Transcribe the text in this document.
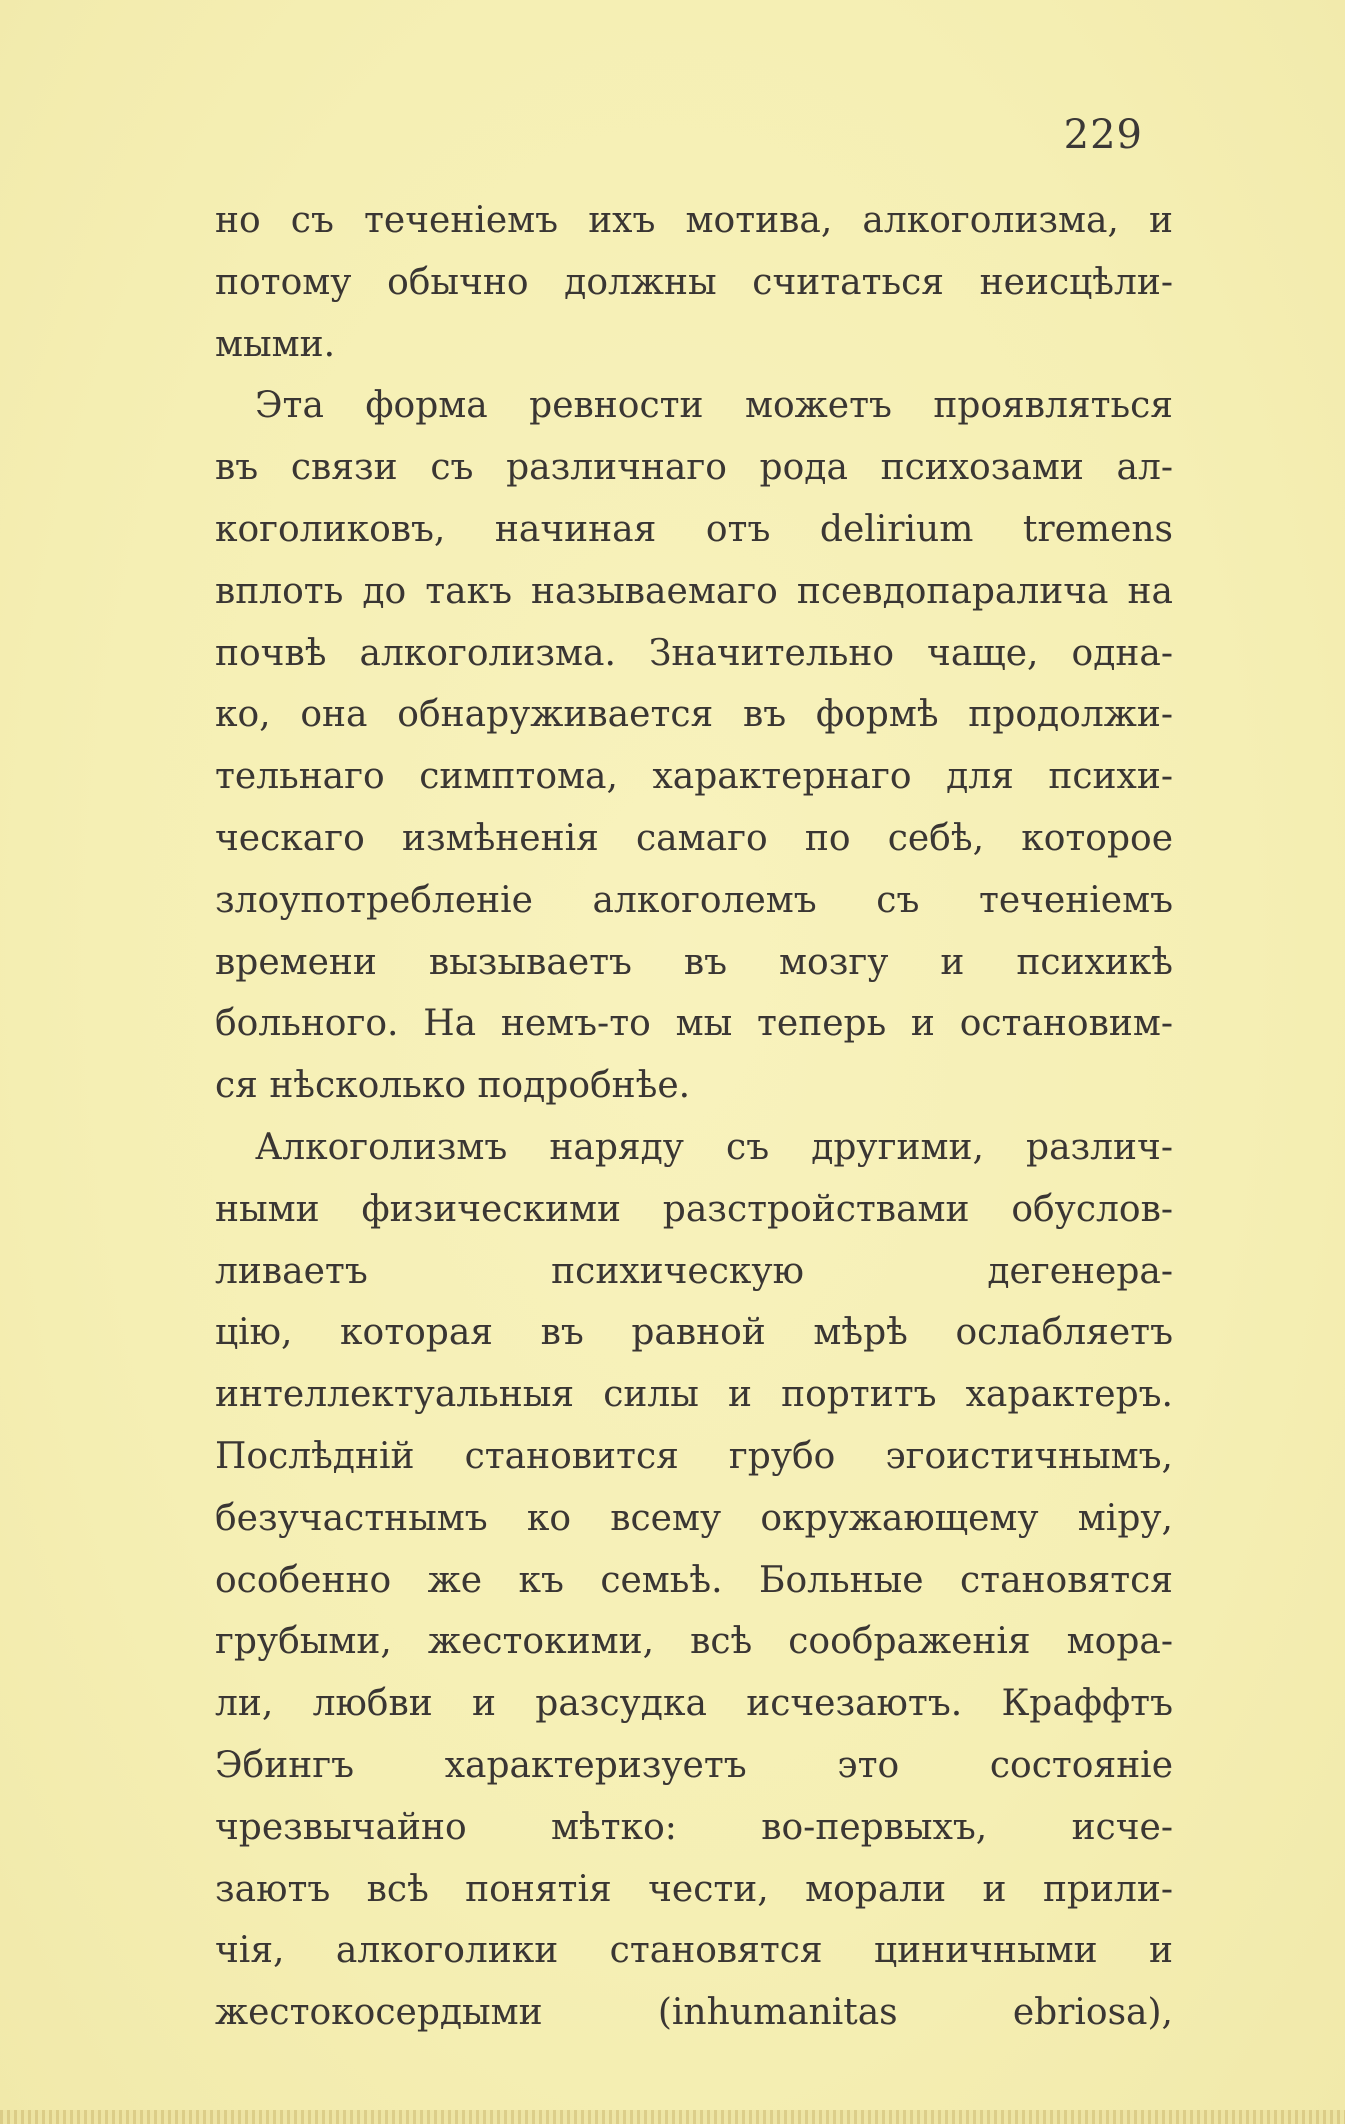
229
но съ теченіемъ ихъ мотива, алкоголизма, и
потому обычно должны считаться неисцѣли-
мыми.
Эта форма ревности можетъ проявляться
въ связи съ различнаго рода психозами ал-
коголиковъ, начиная отъ delirium tremens
вплоть до такъ называемаго псевдопаралича на
почвѣ алкоголизма. Значительно чаще, одна-
ко, она обнаруживается въ формѣ продолжи-
тельнаго симптома, характернаго для психи-
ческаго измѣненія самаго по себѣ, которое
злоупотребленіе алкоголемъ съ теченіемъ
времени вызываетъ въ мозгу и психикѣ
больного. На немъ-то мы теперь и остановим-
ся нѣсколько подробнѣе.
Алкоголизмъ наряду съ другими, различ-
ными физическими разстройствами обуслов-
ливаетъ психическую дегенера-
цію, которая въ равной мѣрѣ ослабляетъ
интеллектуальныя силы и портитъ характеръ.
Послѣдній становится грубо эгоистичнымъ,
безучастнымъ ко всему окружающему міру,
особенно же къ семьѣ. Больные становятся
грубыми, жестокими, всѣ соображенія мора-
ли, любви и разсудка исчезаютъ. Краффтъ
Эбингъ характеризуетъ это состояніе
чрезвычайно мѣтко: во-первыхъ, исче-
заютъ всѣ понятія чести, морали и прили-
чія, алкоголики становятся циничными и
жестокосердыми (inhumanitas ebriosa),
